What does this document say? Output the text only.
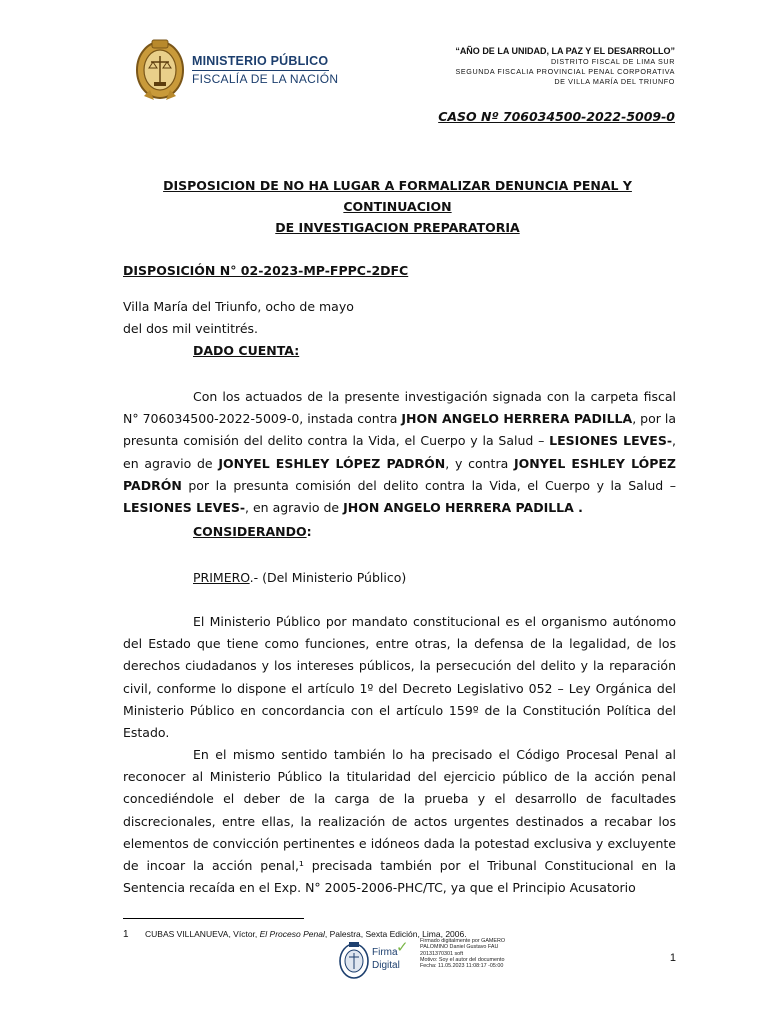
MINISTERIO PÚBLICO
FISCALÍA DE LA NACIÓN
“AÑO DE LA UNIDAD, LA PAZ Y EL DESARROLLO”
DISTRITO FISCAL DE LIMA SUR
SEGUNDA FISCALIA PROVINCIAL PENAL CORPORATIVA
DE VILLA MARÍA DEL TRIUNFO
CASO Nº 706034500-2022-5009-0
DISPOSICION DE NO HA LUGAR A FORMALIZAR DENUNCIA PENAL Y CONTINUACION
DE INVESTIGACION PREPARATORIA
DISPOSICIÓN N° 02-2023-MP-FPPC-2DFC
Villa María del Triunfo, ocho de mayo
del dos mil veintitrés.
DADO CUENTA:

Con los actuados de la presente investigación signada con la carpeta fiscal N° 706034500-2022-5009-0, instada contra JHON ANGELO HERRERA PADILLA, por la presunta comisión del delito contra la Vida, el Cuerpo y la Salud – LESIONES LEVES-, en agravio de JONYEL ESHLEY LÓPEZ PADRÓN, y contra JONYEL ESHLEY LÓPEZ PADRÓN por la presunta comisión del delito contra la Vida, el Cuerpo y la Salud – LESIONES LEVES-, en agravio de JHON ANGELO HERRERA PADILLA .

CONSIDERANDO:
PRIMERO.- (Del Ministerio Público)

El Ministerio Público por mandato constitucional es el organismo autónomo del Estado que tiene como funciones, entre otras, la defensa de la legalidad, de los derechos ciudadanos y los intereses públicos, la persecución del delito y la reparación civil, conforme lo dispone el artículo 1º del Decreto Legislativo 052 – Ley Orgánica del Ministerio Público en concordancia con el artículo 159º de la Constitución Política del Estado.

En el mismo sentido también lo ha precisado el Código Procesal Penal al reconocer al Ministerio Público la titularidad del ejercicio público de la acción penal concediéndole el deber de la carga de la prueba y el desarrollo de facultades discrecionales, entre ellas, la realización de actos urgentes destinados a recabar los elementos de convicción pertinentes e idóneos dada la potestad exclusiva y excluyente de incoar la acción penal,¹ precisada también por el Tribunal Constitucional en la Sentencia recaída en el Exp. N° 2005-2006-PHC/TC, ya que el Principio Acusatorio

1 CUBAS VILLANUEVA, Víctor, El Proceso Penal, Palestra, Sexta Edición, Lima, 2006.
Firma
Digital
✓ Firmado digitalmente por GAMERO
PALOMINO Daniel Gustavo FAU
20131370301 soft
Motivo: Soy el autor del documento
Fecha: 11.05.2023 11:08:17 -05:00
1
